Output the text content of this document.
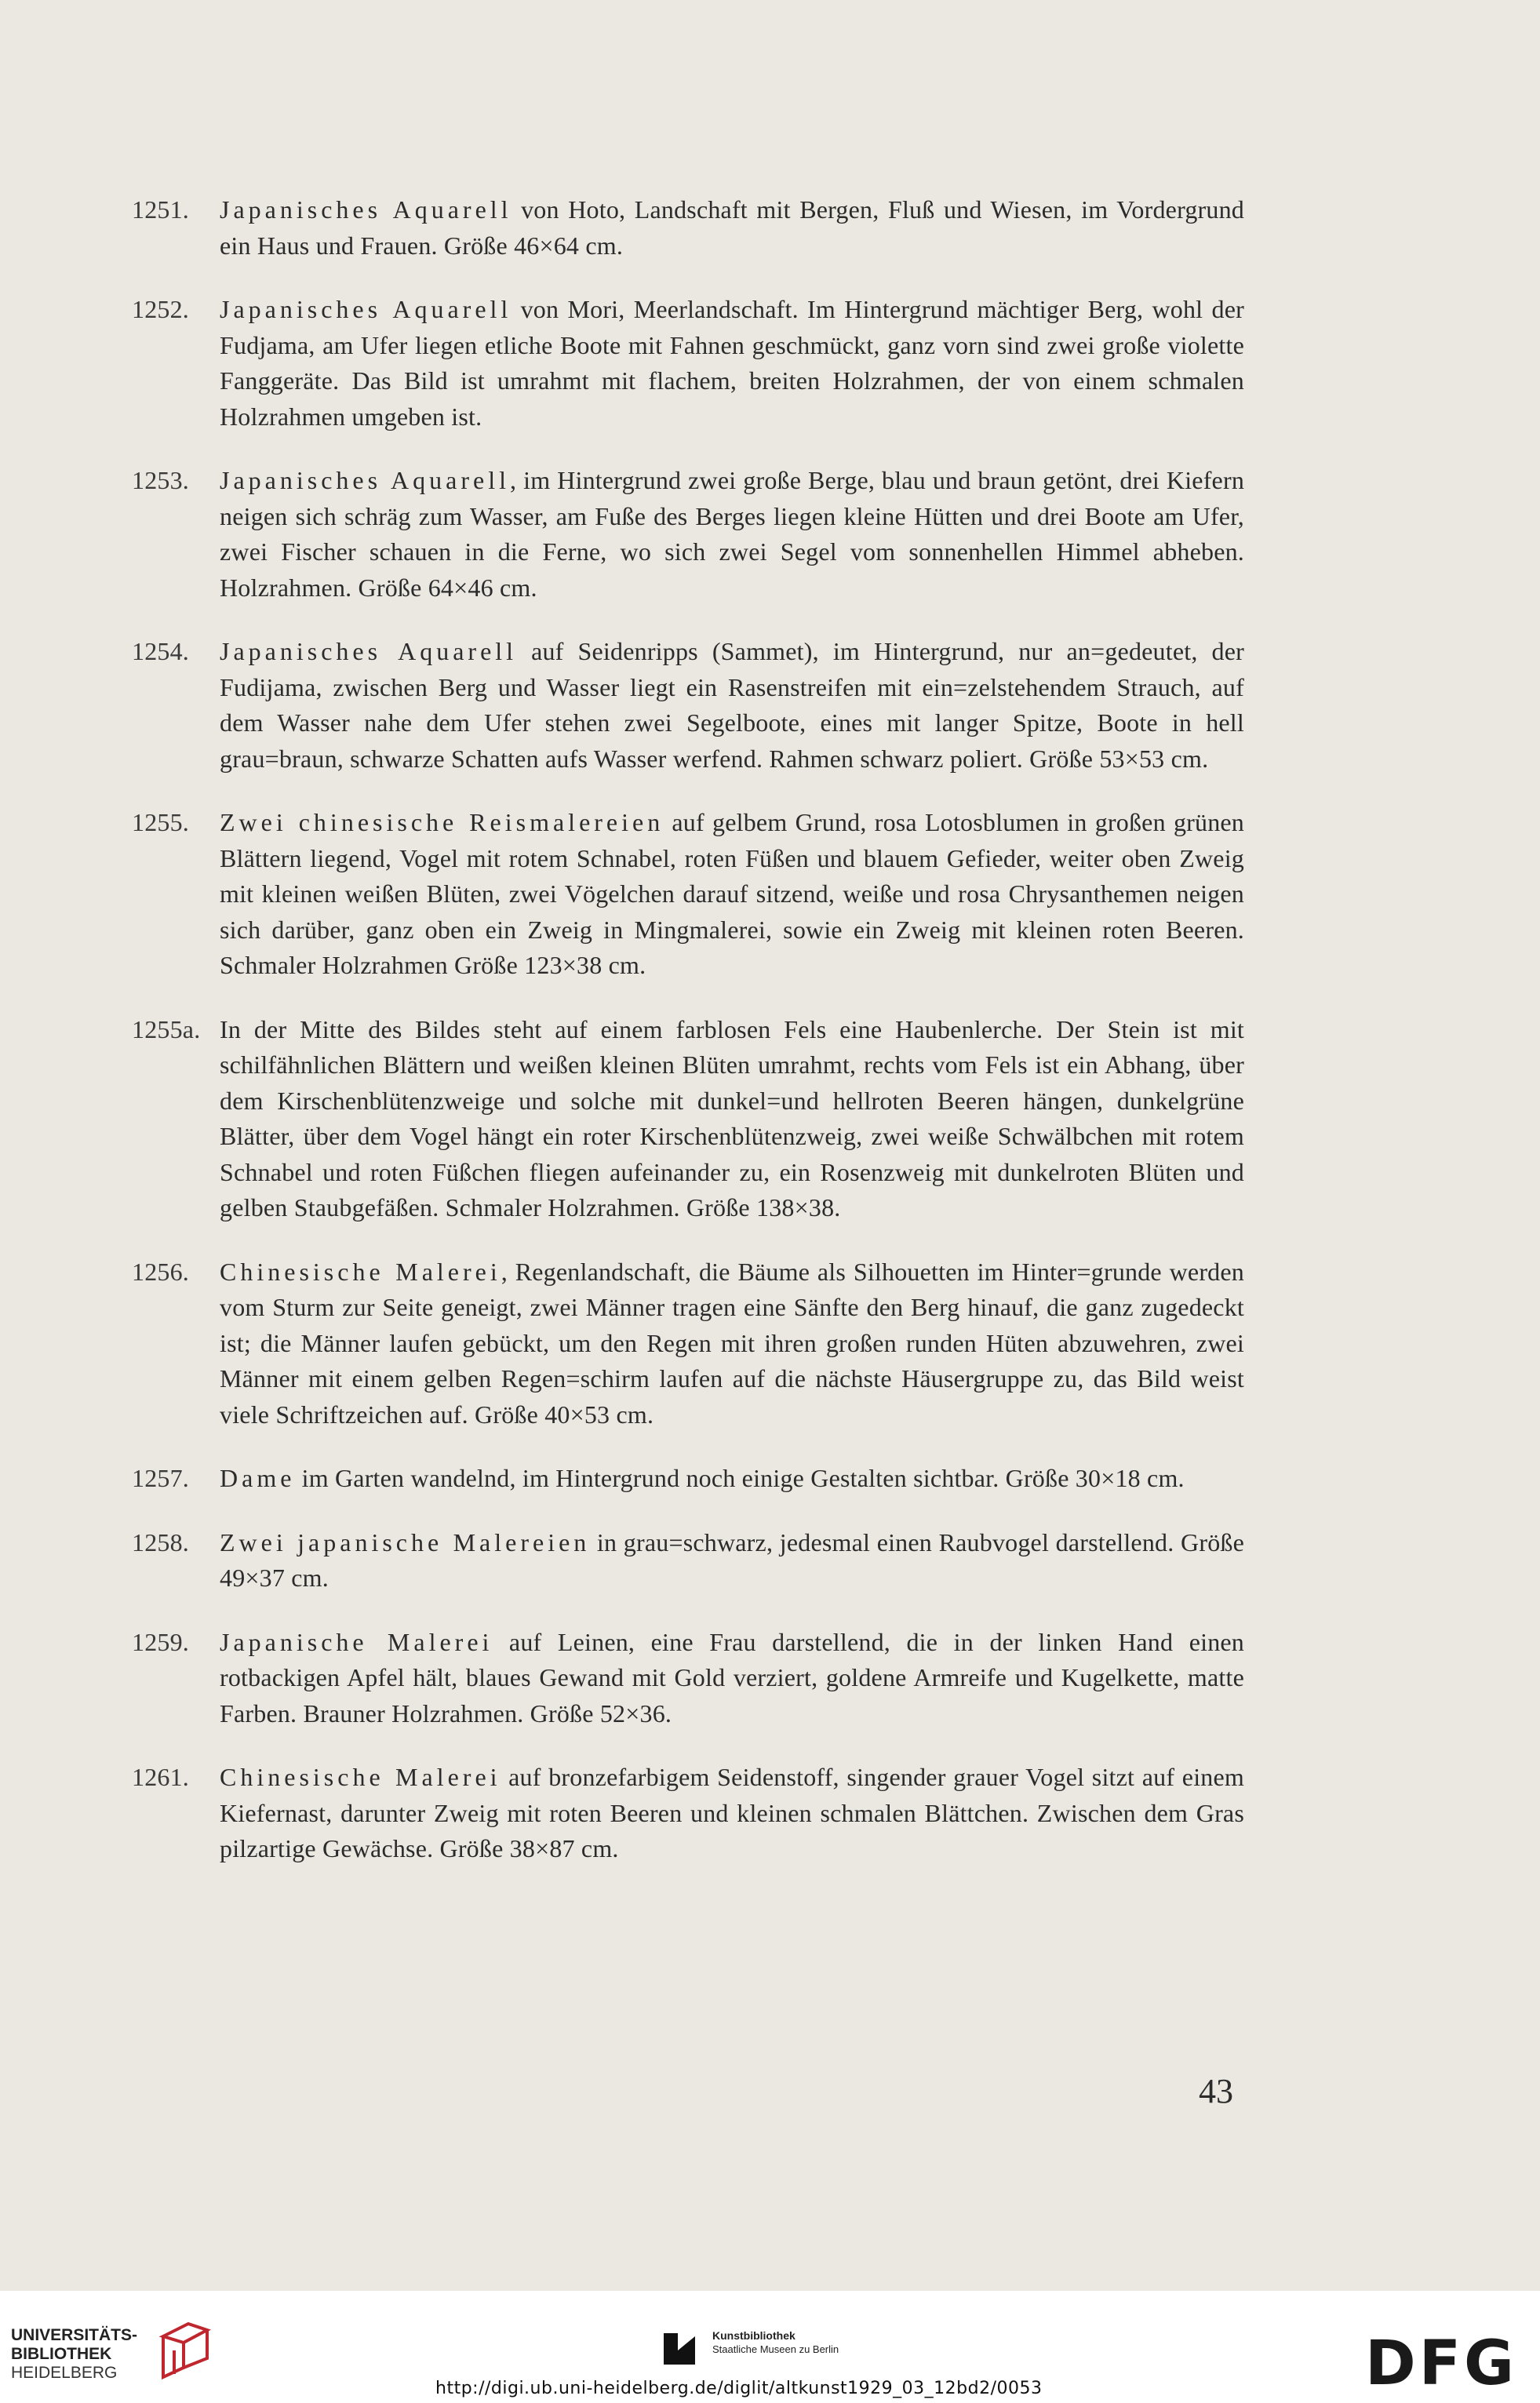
1251. Japanisches Aquarell von Hoto, Landschaft mit Bergen, Fluß und Wiesen, im Vordergrund ein Haus und Frauen. Größe 46×64 cm.
1252. Japanisches Aquarell von Mori, Meerlandschaft. Im Hintergrund mächtiger Berg, wohl der Fudjama, am Ufer liegen etliche Boote mit Fahnen geschmückt, ganz vorn sind zwei große violette Fanggeräte. Das Bild ist umrahmt mit flachem, breiten Holzrahmen, der von einem schmalen Holzrahmen umgeben ist.
1253. Japanisches Aquarell, im Hintergrund zwei große Berge, blau und braun getönt, drei Kiefern neigen sich schräg zum Wasser, am Fuße des Berges liegen kleine Hütten und drei Boote am Ufer, zwei Fischer schauen in die Ferne, wo sich zwei Segel vom sonnenhellen Himmel abheben. Holzrahmen. Größe 64×46 cm.
1254. Japanisches Aquarell auf Seidenripps (Sammet), im Hintergrund, nur an=gedeutet, der Fudijama, zwischen Berg und Wasser liegt ein Rasenstreifen mit ein=zelstehendem Strauch, auf dem Wasser nahe dem Ufer stehen zwei Segelboote, eines mit langer Spitze, Boote in hell grau=braun, schwarze Schatten aufs Wasser werfend. Rahmen schwarz poliert. Größe 53×53 cm.
1255. Zwei chinesische Reismalereien auf gelbem Grund, rosa Lotosblumen in großen grünen Blättern liegend, Vogel mit rotem Schnabel, roten Füßen und blauem Gefieder, weiter oben Zweig mit kleinen weißen Blüten, zwei Vögelchen darauf sitzend, weiße und rosa Chrysanthemen neigen sich darüber, ganz oben ein Zweig in Mingmalerei, sowie ein Zweig mit kleinen roten Beeren. Schmaler Holzrahmen Größe 123×38 cm.
1255a. In der Mitte des Bildes steht auf einem farblosen Fels eine Haubenlerche. Der Stein ist mit schilfähnlichen Blättern und weißen kleinen Blüten umrahmt, rechts vom Fels ist ein Abhang, über dem Kirschenblütenzweige und solche mit dunkel=und hellroten Beeren hängen, dunkelgrüne Blätter, über dem Vogel hängt ein roter Kirschenblütenzweig, zwei weiße Schwälbchen mit rotem Schnabel und roten Füßchen fliegen aufeinander zu, ein Rosenzweig mit dunkelroten Blüten und gelben Staubgefäßen. Schmaler Holzrahmen. Größe 138×38.
1256. Chinesische Malerei, Regenlandschaft, die Bäume als Silhouetten im Hinter=grunde werden vom Sturm zur Seite geneigt, zwei Männer tragen eine Sänfte den Berg hinauf, die ganz zugedeckt ist; die Männer laufen gebückt, um den Regen mit ihren großen runden Hüten abzuwehren, zwei Männer mit einem gelben Regen=schirm laufen auf die nächste Häusergruppe zu, das Bild weist viele Schriftzeichen auf. Größe 40×53 cm.
1257. Dame im Garten wandelnd, im Hintergrund noch einige Gestalten sichtbar. Größe 30×18 cm.
1258. Zwei japanische Malereien in grau=schwarz, jedesmal einen Raubvogel darstellend. Größe 49×37 cm.
1259. Japanische Malerei auf Leinen, eine Frau darstellend, die in der linken Hand einen rotbackigen Apfel hält, blaues Gewand mit Gold verziert, goldene Armreife und Kugelkette, matte Farben. Brauner Holzrahmen. Größe 52×36.
1261. Chinesische Malerei auf bronzefarbigem Seidenstoff, singender grauer Vogel sitzt auf einem Kiefernast, darunter Zweig mit roten Beeren und kleinen schmalen Blättchen. Zwischen dem Gras pilzartige Gewächse. Größe 38×87 cm.
43
UNIVERSITÄTS-
BIBLIOTHEK
HEIDELBERG
Kunstbibliothek
Staatliche Museen zu Berlin	DFG
http://digi.ub.uni-heidelberg.de/diglit/altkunst1929_03_12bd2/0053
